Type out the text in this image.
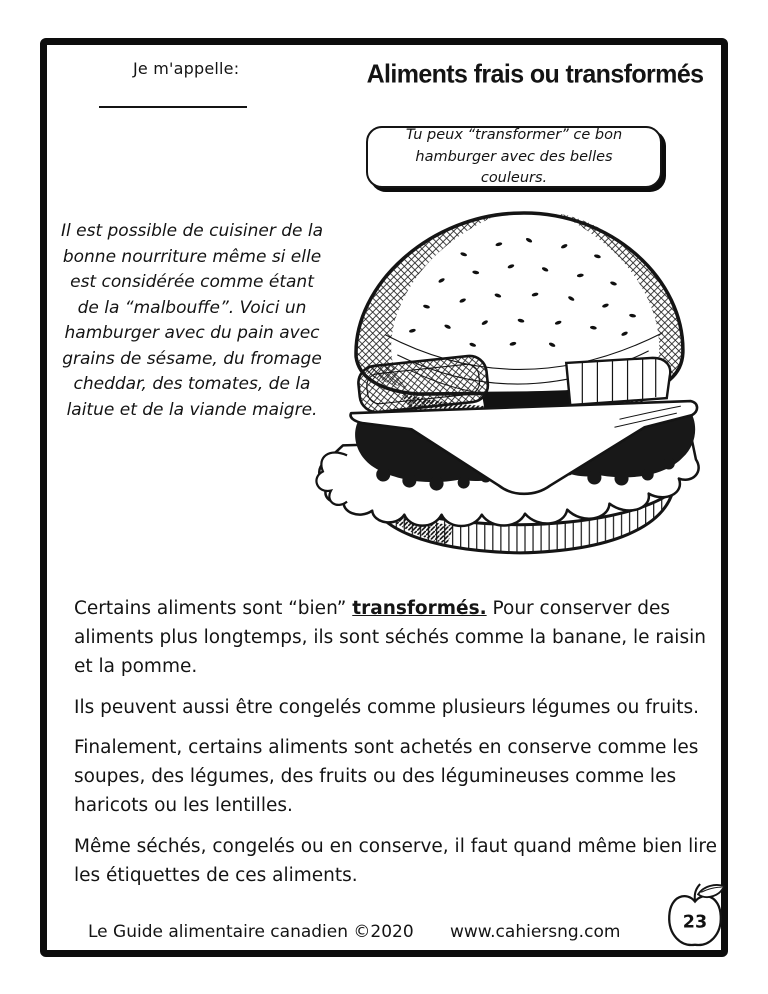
Je m'appelle:	Aliments frais ou transformés
Tu peux “transformer” ce bon hamburger avec des belles couleurs.
Il est possible de cuisiner de la bonne nourriture même si elle est considérée comme étant de la “malbouffe”. Voici un hamburger avec du pain avec grains de sésame, du fromage cheddar, des tomates, de la laitue et de la viande maigre.

Certains aliments sont “bien” transformés. Pour conserver des aliments plus longtemps, ils sont séchés comme la banane, le raisin et la pomme.

Ils peuvent aussi être congelés comme plusieurs légumes ou fruits.

Finalement, certains aliments sont achetés en conserve comme les soupes, des légumes, des fruits ou des légumineuses comme les haricots ou les lentilles.

Même séchés, congelés ou en conserve, il faut quand même bien lire les étiquettes de ces aliments.

Le Guide alimentaire canadien ©2020 www.cahiersng.com	23
